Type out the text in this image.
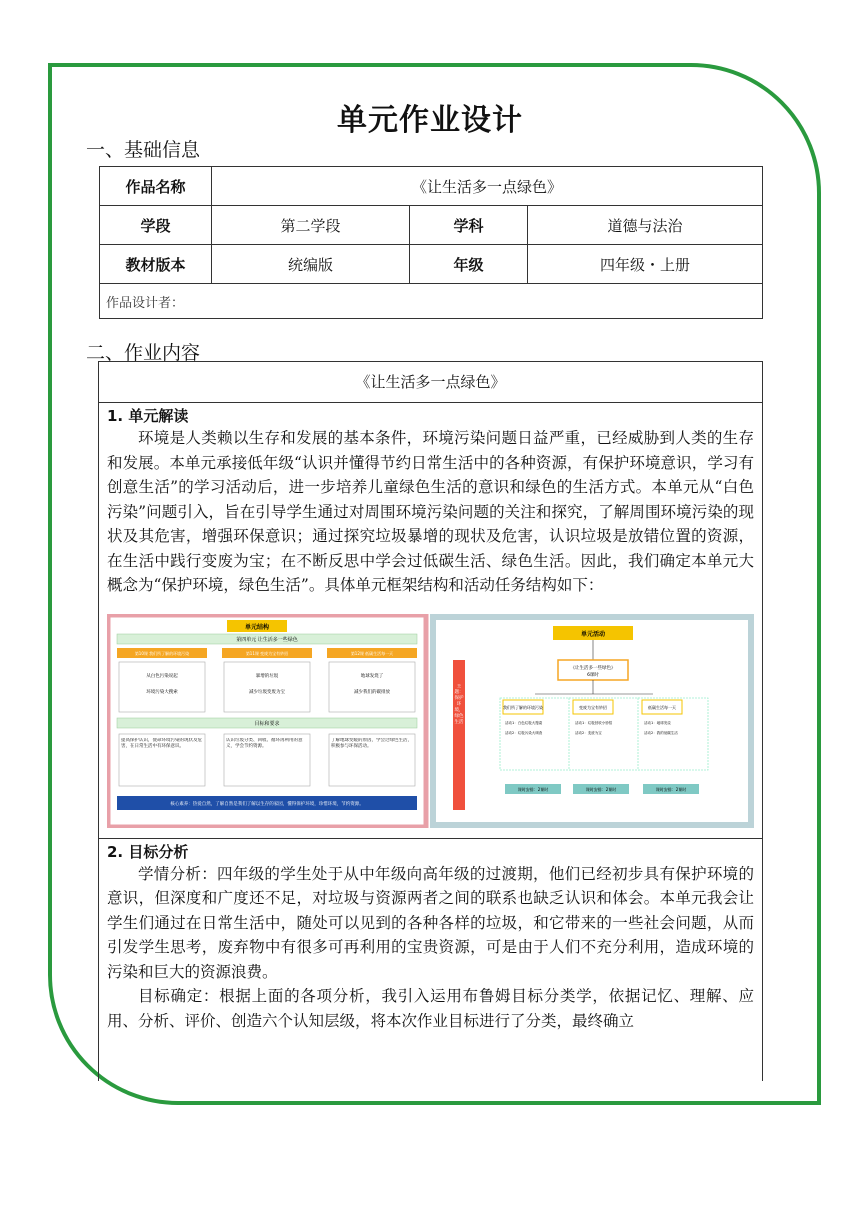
单元作业设计
一、基础信息
作品名称	《让生活多一点绿色》		
学段	第二学段	学科	道德与法治
教材版本	统编版	年级	四年级・上册
作品设计者：			
二、作业内容
《让生活多一点绿色》
1. 单元解读
环境是人类赖以生存和发展的基本条件，环境污染问题日益严重，已经威胁到人类的生存和发展。本单元承接低年级“认识并懂得节约日常生活中的各种资源，有保护环境意识，学习有创意生活”的学习活动后，进一步培养儿童绿色生活的意识和绿色的生活方式。本单元从“白色污染”问题引入，旨在引导学生通过对周围环境污染问题的关注和探究，了解周围环境污染的现状及其危害，增强环保意识；通过探究垃圾暴增的现状及危害，认识垃圾是放错位置的资源，在生活中践行变废为宝；在不断反思中学会过低碳生活、绿色生活。因此，我们确定本单元大概念为“保护环境，绿色生活”。具体单元框架结构和活动任务结构如下：
单元结构
第四单元 让生活多一些绿色
第10课 我们所了解的环境污染
从白色污染说起
环境污染大搜索
第11课 变废为宝有妙招
暴增的垃圾
减少垃圾变废为宝
第12课 低碳生活每一天
地球发烧了
减少我们的碳排放
目标和要求
提高保护认识，使命环境污染的现状及危害，在日常生活中有环保意识。
认识垃圾分类、回收、循环再利用的意义，学会节约资源。
了解地球变暖的原因，学会过绿色生活，积极参与环保活动。
核心素养：热爱自然，了解自然是我们了解以生存的家园，懂得保护环境，珍惜环境，节约资源。
单元活动
《让生活多一些绿色》
6课时
主题：保护环境，绿色生活
我们所了解的环境污染
活动1：白色垃圾大搜索
活动2：垃圾污染大调查
课时安排：2课时
变废为宝有妙招
活动1：垃圾回收小妙招
活动2：变废为宝
课时安排：2课时
低碳生活每一天
活动1：地球发烧
活动2：我的低碳生活
课时安排：2课时
2. 目标分析
学情分析：四年级的学生处于从中年级向高年级的过渡期，他们已经初步具有保护环境的意识，但深度和广度还不足，对垃圾与资源两者之间的联系也缺乏认识和体会。本单元我会让学生们通过在日常生活中，随处可以见到的各种各样的垃圾，和它带来的一些社会问题，从而引发学生思考，废弃物中有很多可再利用的宝贵资源，可是由于人们不充分利用，造成环境的污染和巨大的资源浪费。
目标确定：根据上面的各项分析，我引入运用布鲁姆目标分类学，依据记忆、理解、应用、分析、评价、创造六个认知层级，将本次作业目标进行了分类，最终确立
